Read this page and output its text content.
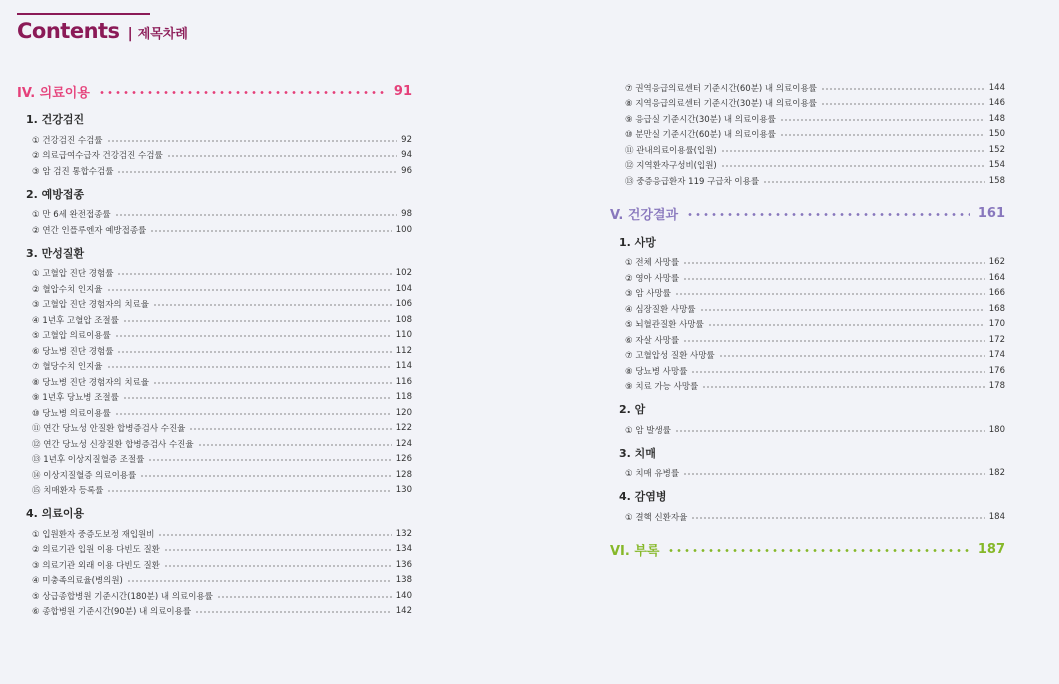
Contents | 제목차례
IV. 의료이용	91
1. 건강검진
① 건강검진 수검률	92
② 의료급여수급자 건강검진 수검률	94
③ 암 검진 통합수검률	96
2. 예방접종
① 만 6세 완전접종률	98
② 연간 인플루엔자 예방접종률	100
3. 만성질환
① 고혈압 진단 경험률	102
② 혈압수치 인지율	104
③ 고혈압 진단 경험자의 치료율	106
④ 1년후 고혈압 조절률	108
⑤ 고혈압 의료이용률	110
⑥ 당뇨병 진단 경험률	112
⑦ 혈당수치 인지율	114
⑧ 당뇨병 진단 경험자의 치료율	116
⑨ 1년후 당뇨병 조절률	118
⑩ 당뇨병 의료이용률	120
⑪ 연간 당뇨성 안질환 합병증검사 수진율	122
⑫ 연간 당뇨성 신장질환 합병증검사 수진율	124
⑬ 1년후 이상지질혈증 조절률	126
⑭ 이상지질혈증 의료이용률	128
⑮ 치매환자 등록률	130
4. 의료이용
① 입원환자 중증도보정 재입원비	132
② 의료기관 입원 이용 다빈도 질환	134
③ 의료기관 외래 이용 다빈도 질환	136
④ 미충족의료율(병의원)	138
⑤ 상급종합병원 기준시간(180분) 내 의료이용률	140
⑥ 종합병원 기준시간(90분) 내 의료이용률	142
⑦ 권역응급의료센터 기준시간(60분) 내 의료이용률	144
⑧ 지역응급의료센터 기준시간(30분) 내 의료이용률	146
⑨ 응급실 기준시간(30분) 내 의료이용률	148
⑩ 분만실 기준시간(60분) 내 의료이용률	150
⑪ 관내의료이용률(입원)	152
⑫ 지역환자구성비(입원)	154
⑬ 중증응급환자 119 구급차 이용률	158
V. 건강결과	161
1. 사망
① 전체 사망률	162
② 영아 사망률	164
③ 암 사망률	166
④ 심장질환 사망률	168
⑤ 뇌혈관질환 사망률	170
⑥ 자살 사망률	172
⑦ 고혈압성 질환 사망률	174
⑧ 당뇨병 사망률	176
⑨ 치료 가능 사망률	178
2. 암
① 암 발생률	180
3. 치매
① 치매 유병률	182
4. 감염병
① 결핵 신환자율	184
VI. 부록	187
